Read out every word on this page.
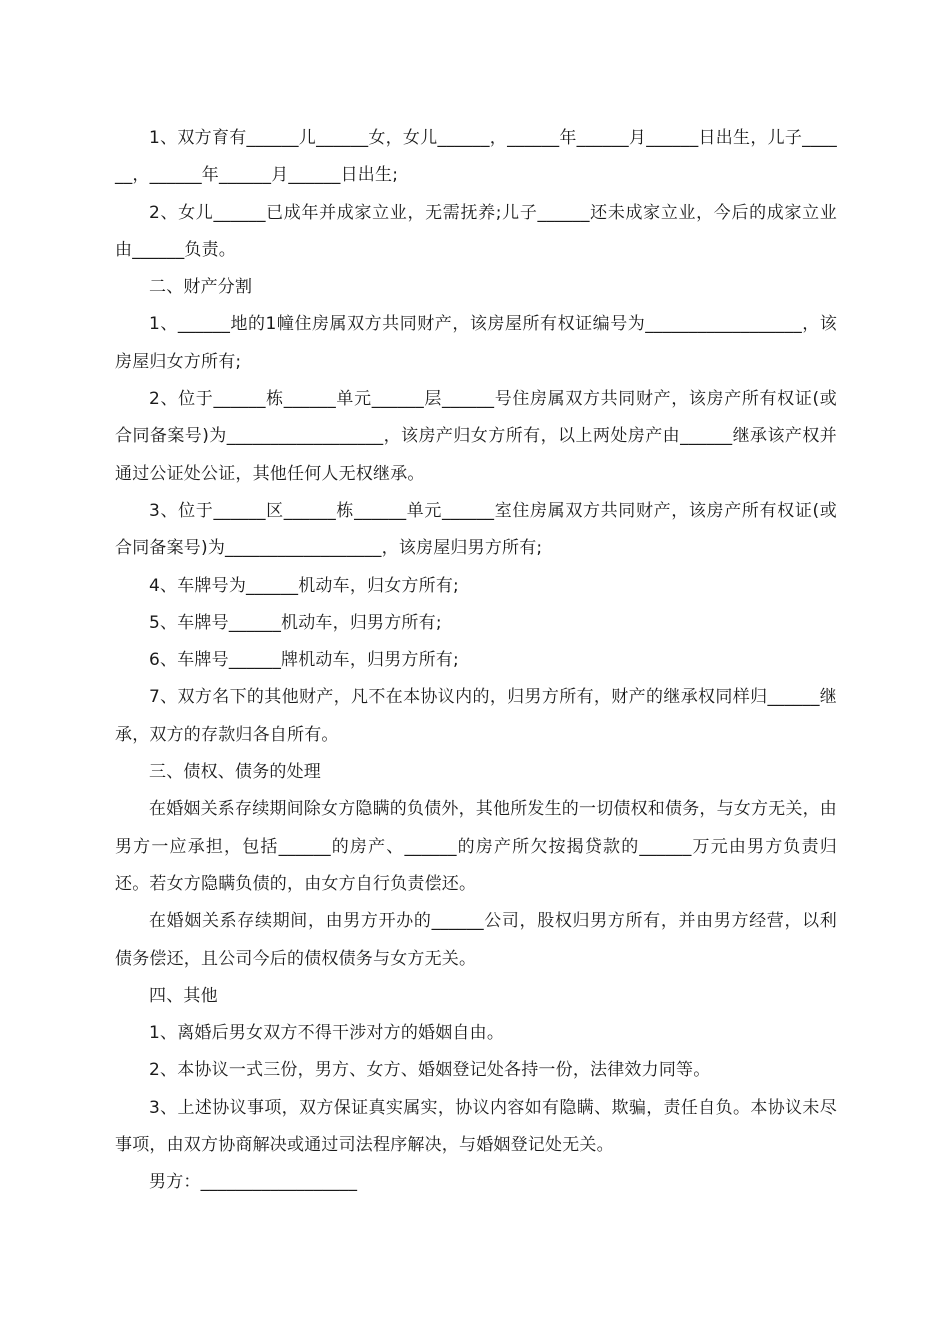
1、双方育有______儿______女，女儿______，______年______月______日出生，儿子______，______年______月______日出生;

2、女儿______已成年并成家立业，无需抚养;儿子______还未成家立业，今后的成家立业由______负责。

二、财产分割

1、______地的1幢住房属双方共同财产，该房屋所有权证编号为__________________，该房屋归女方所有;

2、位于______栋______单元______层______号住房属双方共同财产，该房产所有权证(或合同备案号)为__________________，该房产归女方所有，以上两处房产由______继承该产权并通过公证处公证，其他任何人无权继承。

3、位于______区______栋______单元______室住房属双方共同财产，该房产所有权证(或合同备案号)为__________________，该房屋归男方所有;

4、车牌号为______机动车，归女方所有;

5、车牌号______机动车，归男方所有;

6、车牌号______牌机动车，归男方所有;

7、双方名下的其他财产，凡不在本协议内的，归男方所有，财产的继承权同样归______继承，双方的存款归各自所有。

三、债权、债务的处理

在婚姻关系存续期间除女方隐瞒的负债外，其他所发生的一切债权和债务，与女方无关，由男方一应承担，包括______的房产、______的房产所欠按揭贷款的______万元由男方负责归还。若女方隐瞒负债的，由女方自行负责偿还。

在婚姻关系存续期间，由男方开办的______公司，股权归男方所有，并由男方经营，以利债务偿还，且公司今后的债权债务与女方无关。

四、其他

1、离婚后男女双方不得干涉对方的婚姻自由。

2、本协议一式三份，男方、女方、婚姻登记处各持一份，法律效力同等。

3、上述协议事项，双方保证真实属实，协议内容如有隐瞒、欺骗，责任自负。本协议未尽事项，由双方协商解决或通过司法程序解决，与婚姻登记处无关。

男方：__________________
